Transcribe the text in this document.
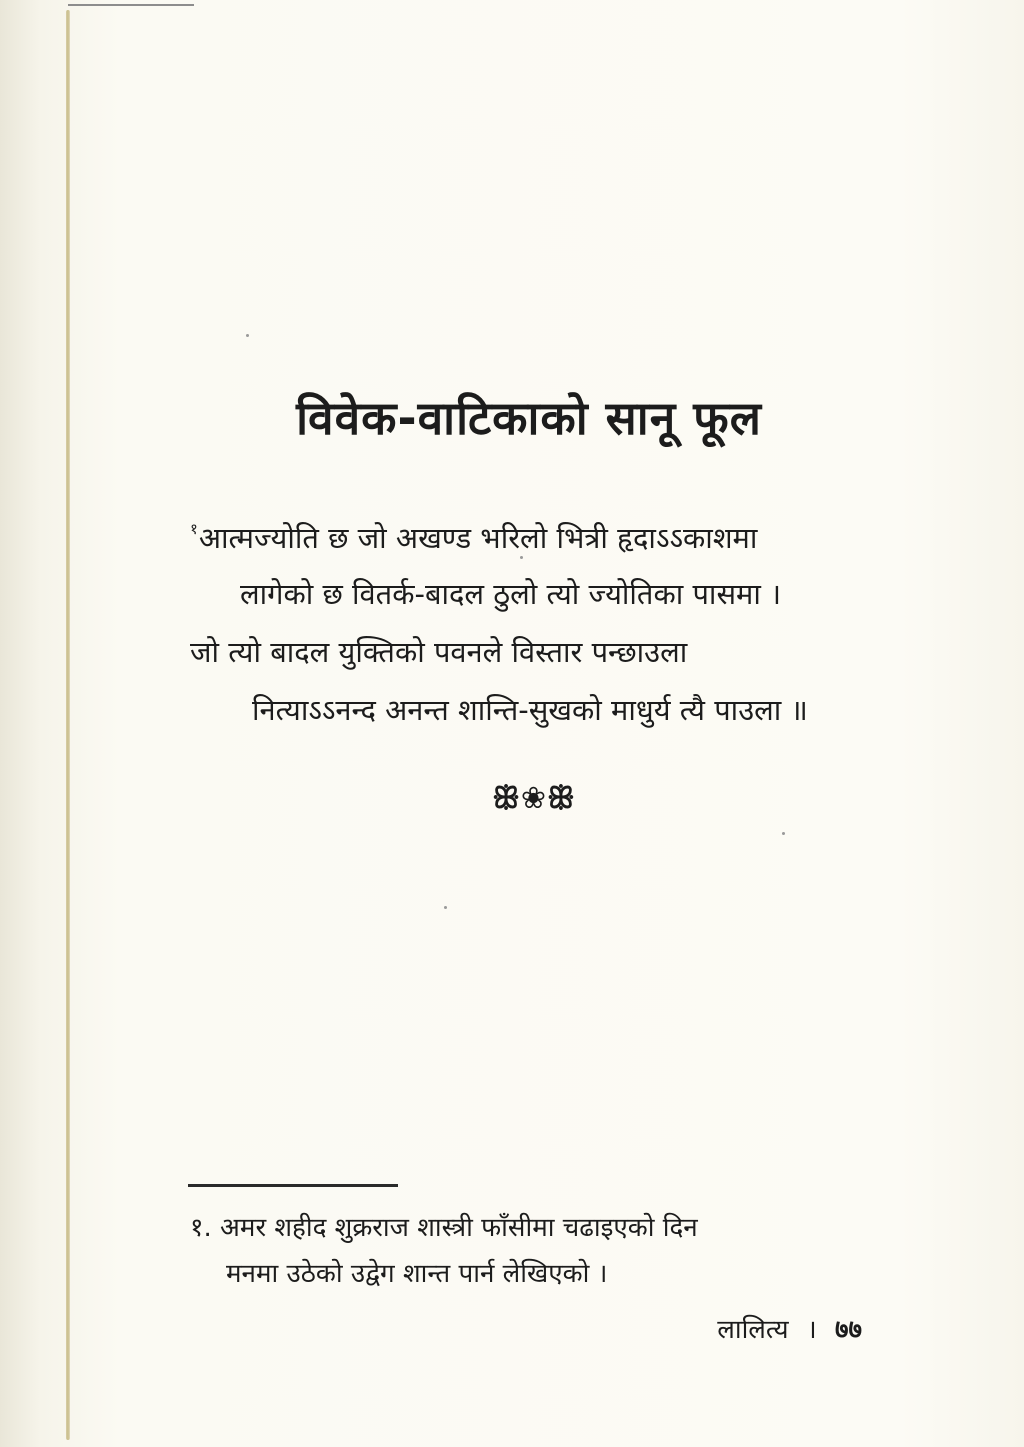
विवेक-वाटिकाको सानू फूल

$^१$आत्मज्योति छ जो अखण्ड भरिलो भित्री हृदाऽऽकाशमा

लागेको छ वितर्क-बादल ठुलो त्यो ज्योतिका पासमा ।

जो त्यो बादल युक्तिको पवनले विस्तार पन्छाउला

नित्याऽऽनन्द अनन्त शान्ति-सुखको माधुर्य त्यै पाउला ॥

ꕥ❀ꕥ

१. अमर शहीद शुक्रराज शास्त्री फाँसीमा चढाइएको दिन

मनमा उठेको उद्वेग शान्त पार्न लेखिएको ।

लालित्य । ७७
